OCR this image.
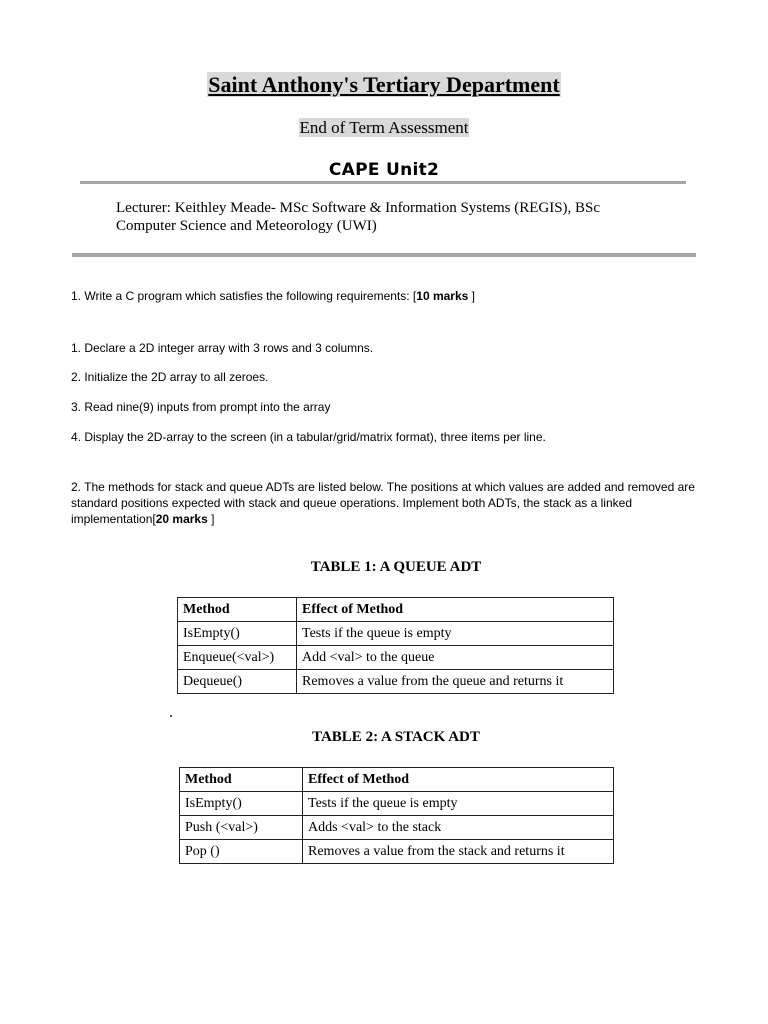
Saint Anthony's Tertiary Department
End of Term Assessment
CAPE Unit2
Lecturer: Keithley Meade- MSc Software & Information Systems (REGIS), BSc
Computer Science and Meteorology (UWI)
1. Write a C program which satisfies the following requirements: [10 marks ]
1. Declare a 2D integer array with 3 rows and 3 columns.
2. Initialize the 2D array to all zeroes.
3. Read nine(9) inputs from prompt into the array
4. Display the 2D-array to the screen (in a tabular/grid/matrix format), three items per line.
2. The methods for stack and queue ADTs are listed below. The positions at which values are added and removed are standard positions expected with stack and queue operations. Implement both ADTs, the stack as a linked implementation[20 marks ]
TABLE 1: A QUEUE ADT
Method	Effect of Method
IsEmpty()	Tests if the queue is empty
Enqueue(<val>)	Add <val> to the queue
Dequeue()	Removes a value from the queue and returns it
TABLE 2: A STACK ADT
Method	Effect of Method
IsEmpty()	Tests if the queue is empty
Push (<val>)	Adds <val> to the stack
Pop ()	Removes a value from the stack and returns it
